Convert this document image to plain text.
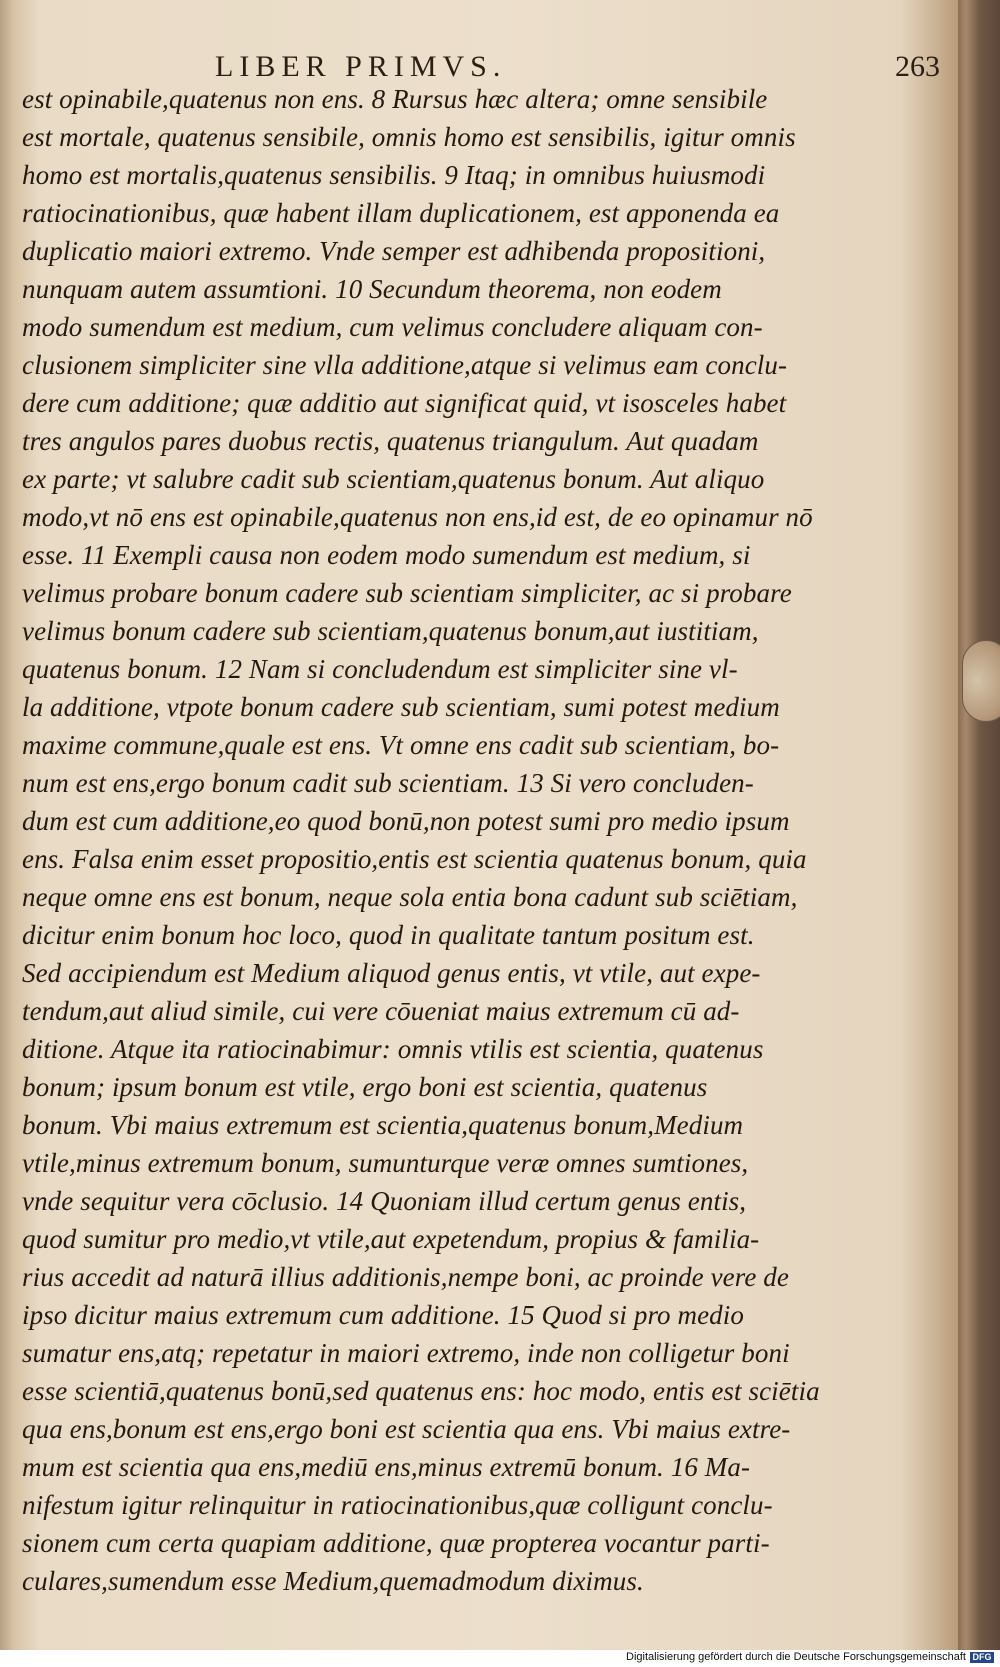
LIBER PRIMVS.	263
est opinabile,quatenus non ens. 8 Rursus hæc altera; omne sensibile
est mortale, quatenus sensibile, omnis homo est sensibilis, igitur omnis
homo est mortalis,quatenus sensibilis. 9 Itaq; in omnibus huiusmodi
ratiocinationibus, quæ habent illam duplicationem, est apponenda ea
duplicatio maiori extremo. Vnde semper est adhibenda propositioni,
nunquam autem assumtioni. 10 Secundum theorema, non eodem
modo sumendum est medium, cum velimus concludere aliquam con-
clusionem simpliciter sine vlla additione,atque si velimus eam conclu-
dere cum additione; quæ additio aut significat quid, vt isosceles habet
tres angulos pares duobus rectis, quatenus triangulum. Aut quadam
ex parte; vt salubre cadit sub scientiam,quatenus bonum. Aut aliquo
modo,vt nō ens est opinabile,quatenus non ens,id est, de eo opinamur nō
esse. 11 Exempli causa non eodem modo sumendum est medium, si
velimus probare bonum cadere sub scientiam simpliciter, ac si probare
velimus bonum cadere sub scientiam,quatenus bonum,aut iustitiam,
quatenus bonum. 12 Nam si concludendum est simpliciter sine vl-
la additione, vtpote bonum cadere sub scientiam, sumi potest medium
maxime commune,quale est ens. Vt omne ens cadit sub scientiam, bo-
num est ens,ergo bonum cadit sub scientiam. 13 Si vero concluden-
dum est cum additione,eo quod bonū,non potest sumi pro medio ipsum
ens. Falsa enim esset propositio,entis est scientia quatenus bonum, quia
neque omne ens est bonum, neque sola entia bona cadunt sub sciētiam,
dicitur enim bonum hoc loco, quod in qualitate tantum positum est.
Sed accipiendum est Medium aliquod genus entis, vt vtile, aut expe-
tendum,aut aliud simile, cui vere cōueniat maius extremum cū ad-
ditione. Atque ita ratiocinabimur: omnis vtilis est scientia, quatenus
bonum; ipsum bonum est vtile, ergo boni est scientia, quatenus
bonum. Vbi maius extremum est scientia,quatenus bonum,Medium
vtile,minus extremum bonum, sumunturque veræ omnes sumtiones,
vnde sequitur vera cōclusio. 14 Quoniam illud certum genus entis,
quod sumitur pro medio,vt vtile,aut expetendum, propius & familia-
rius accedit ad naturā illius additionis,nempe boni, ac proinde vere de
ipso dicitur maius extremum cum additione. 15 Quod si pro medio
sumatur ens,atq; repetatur in maiori extremo, inde non colligetur boni
esse scientiā,quatenus bonū,sed quatenus ens: hoc modo, entis est sciētia
qua ens,bonum est ens,ergo boni est scientia qua ens. Vbi maius extre-
mum est scientia qua ens,mediū ens,minus extremū bonum. 16 Ma-
nifestum igitur relinquitur in ratiocinationibus,quæ colligunt conclu-
sionem cum certa quapiam additione, quæ propterea vocantur parti-
culares,sumendum esse Medium,quemadmodum diximus.
Digitalisierung gefördert durch die Deutsche Forschungsgemeinschaft DFG
